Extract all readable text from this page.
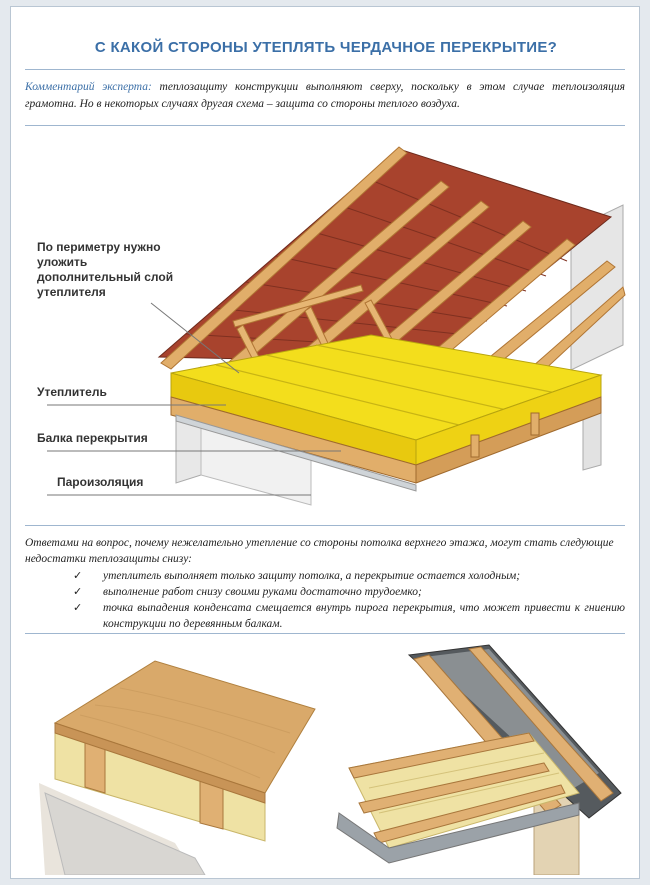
С КАКОЙ СТОРОНЫ УТЕПЛЯТЬ ЧЕРДАЧНОЕ ПЕРЕКРЫТИЕ?
Комментарий эксперта: теплозащиту конструкции выполняют сверху, поскольку в этом случае теплоизоляция грамотна. Но в некоторых случаях другая схема – защита со стороны теплого воздуха.
По периметру нужно уложить дополнительный слой утеплителя
Утеплитель
Балка перекрытия
Пароизоляция

Ответами на вопрос, почему нежелательно утепление со стороны потолка верхнего этажа, могут стать следующие недостатки теплозащиты снизу:

✓ утеплитель выполняет только защиту потолка, а перекрытие остается холодным;
✓ выполнение работ снизу своими руками достаточно трудоемко;
✓ точка выпадения конденсата смещается внутрь пирога перекрытия, что может привести к гниению конструкции по деревянным балкам.
